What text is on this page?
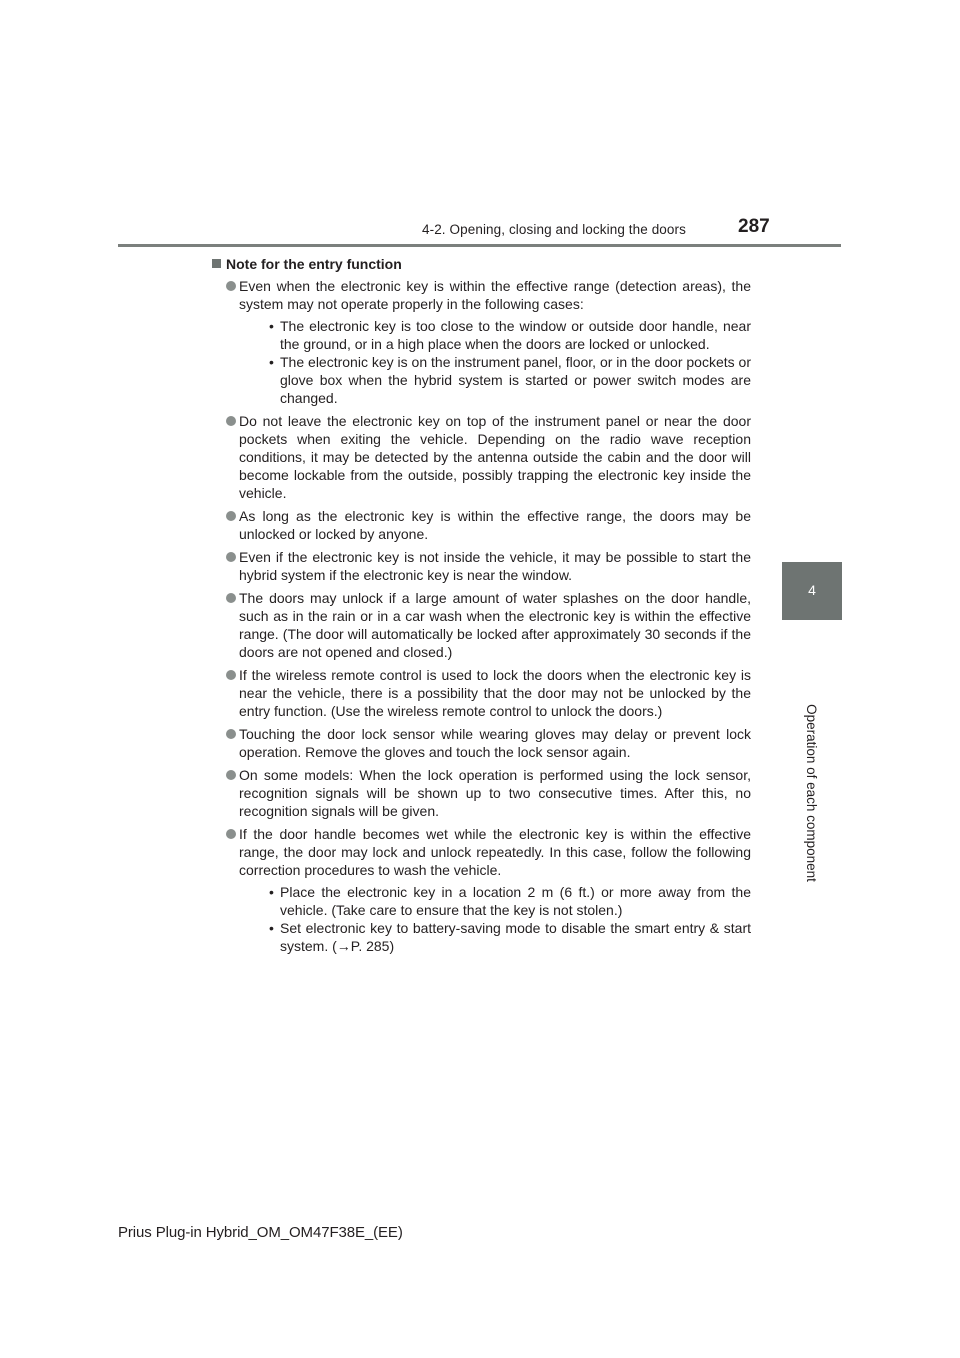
4-2. Opening, closing and locking the doors	287
4
Operation of each component
Note for the entry function
Even when the electronic key is within the effective range (detection areas), the system may not operate properly in the following cases:
• The electronic key is too close to the window or outside door handle, near the ground, or in a high place when the doors are locked or unlocked.
• The electronic key is on the instrument panel, floor, or in the door pockets or glove box when the hybrid system is started or power switch modes are changed.
Do not leave the electronic key on top of the instrument panel or near the door pockets when exiting the vehicle. Depending on the radio wave reception conditions, it may be detected by the antenna outside the cabin and the door will become lockable from the outside, possibly trapping the electronic key inside the vehicle.
As long as the electronic key is within the effective range, the doors may be unlocked or locked by anyone.
Even if the electronic key is not inside the vehicle, it may be possible to start the hybrid system if the electronic key is near the window.
The doors may unlock if a large amount of water splashes on the door handle, such as in the rain or in a car wash when the electronic key is within the effective range. (The door will automatically be locked after approximately 30 seconds if the doors are not opened and closed.)
If the wireless remote control is used to lock the doors when the electronic key is near the vehicle, there is a possibility that the door may not be unlocked by the entry function. (Use the wireless remote control to unlock the doors.)
Touching the door lock sensor while wearing gloves may delay or prevent lock operation. Remove the gloves and touch the lock sensor again.
On some models: When the lock operation is performed using the lock sensor, recognition signals will be shown up to two consecutive times. After this, no recognition signals will be given.
If the door handle becomes wet while the electronic key is within the effective range, the door may lock and unlock repeatedly. In this case, follow the following correction procedures to wash the vehicle.
• Place the electronic key in a location 2 m (6 ft.) or more away from the vehicle. (Take care to ensure that the key is not stolen.)
• Set electronic key to battery-saving mode to disable the smart entry & start system. (→P. 285)
Prius Plug-in Hybrid_OM_OM47F38E_(EE)
